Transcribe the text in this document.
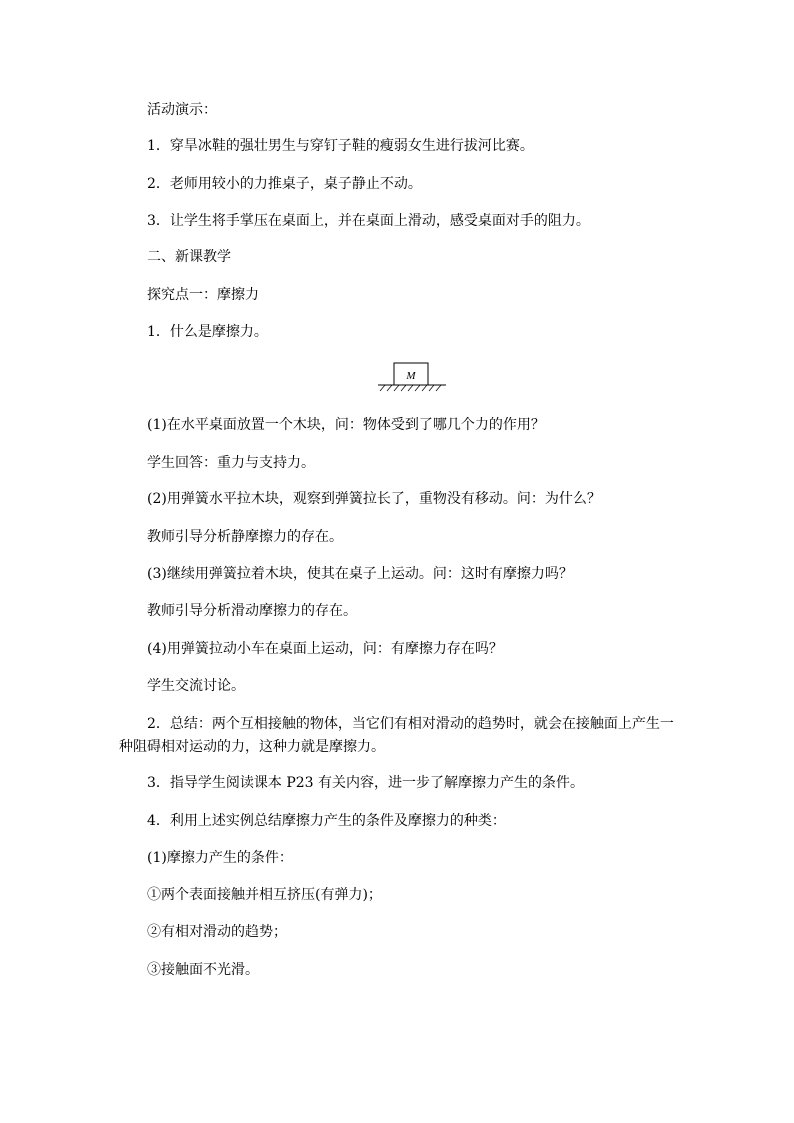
活动演示：
1．穿旱冰鞋的强壮男生与穿钉子鞋的瘦弱女生进行拔河比赛。
2．老师用较小的力推桌子，桌子静止不动。
3．让学生将手掌压在桌面上，并在桌面上滑动，感受桌面对手的阻力。
二、新课教学
探究点一：摩擦力
1．什么是摩擦力。
M
(1)在水平桌面放置一个木块，问：物体受到了哪几个力的作用？
学生回答：重力与支持力。
(2)用弹簧水平拉木块，观察到弹簧拉长了，重物没有移动。问：为什么？
教师引导分析静摩擦力的存在。
(3)继续用弹簧拉着木块，使其在桌子上运动。问：这时有摩擦力吗？
教师引导分析滑动摩擦力的存在。
(4)用弹簧拉动小车在桌面上运动，问：有摩擦力存在吗？
学生交流讨论。
2．总结：两个互相接触的物体，当它们有相对滑动的趋势时，就会在接触面上产生一
种阻碍相对运动的力，这种力就是摩擦力。
3．指导学生阅读课本 P23 有关内容，进一步了解摩擦力产生的条件。
4．利用上述实例总结摩擦力产生的条件及摩擦力的种类：
(1)摩擦力产生的条件：
①两个表面接触并相互挤压(有弹力)；
②有相对滑动的趋势；
③接触面不光滑。
